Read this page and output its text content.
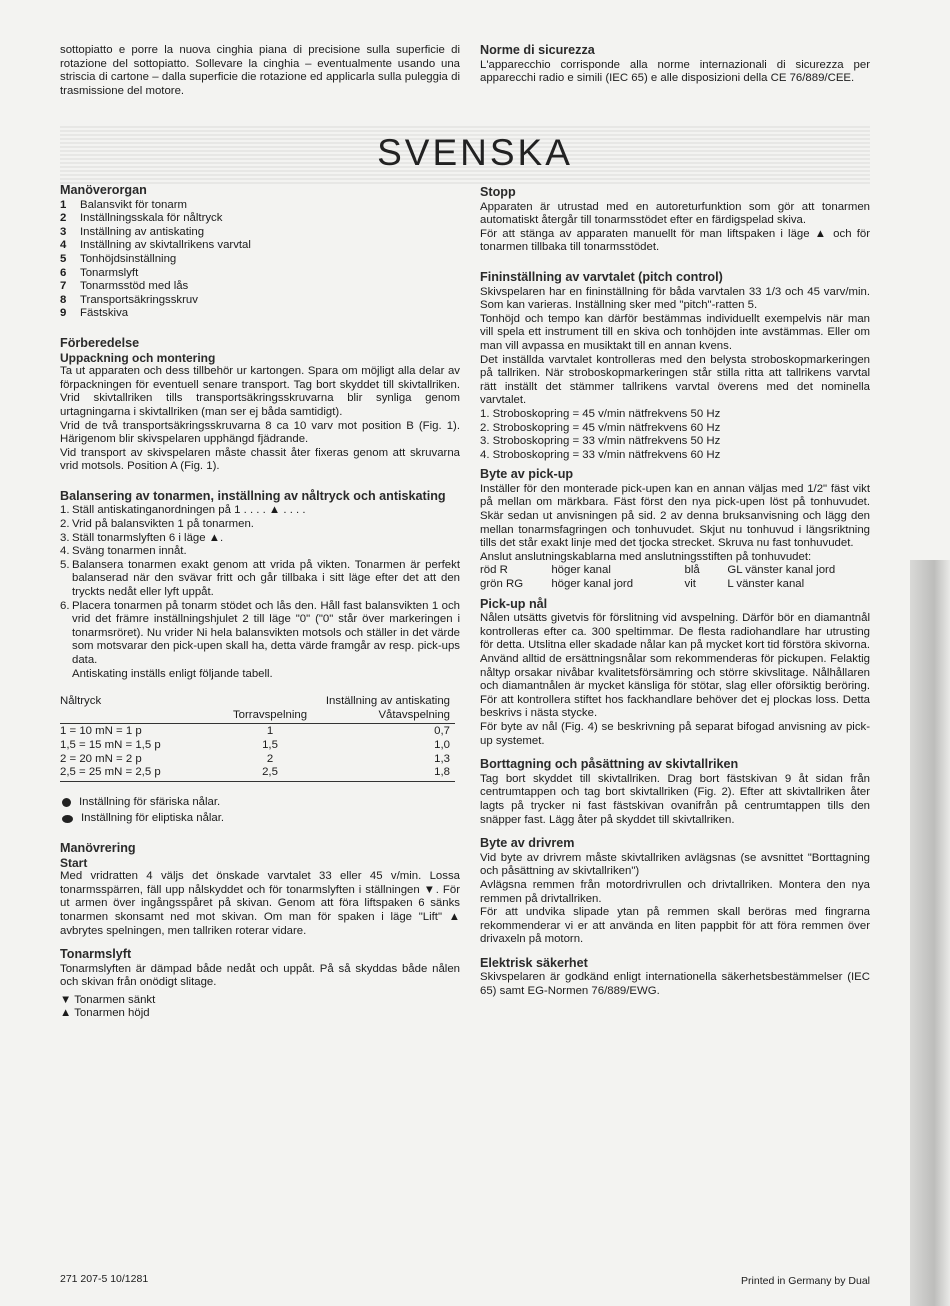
sottopiatto e porre la nuova cinghia piana di precisione sulla superficie di rotazione del sottopiatto. Sollevare la cinghia – eventualmente usando una striscia di cartone – dalla superficie die rotazione ed applicarla sulla puleggia di trasmissione del motore.

Norme di sicurezza

L'apparecchio corrisponde alla norme internazionali di sicurezza per apparecchi radio e simili (IEC 65) e alle disposizioni della CE 76/889/CEE.

SVENSKA
Manöverorgan
1	Balansvikt för tonarm
2	Inställningsskala för nåltryck
3	Inställning av antiskating
4	Inställning av skivtallrikens varvtal
5	Tonhöjdsinställning
6	Tonarmslyft
7	Tonarmsstöd med lås
8	Transportsäkringsskruv
9	Fästskiva
Förberedelse
Uppackning och montering

Ta ut apparaten och dess tillbehör ur kartongen. Spara om möjligt alla delar av förpackningen för eventuell senare transport. Tag bort skyddet till skivtallriken. Vrid skivtallriken tills transportsäkringsskruvarna blir synliga genom urtagningarna i skivtallriken (man ser ej båda samtidigt).

Vrid de två transportsäkringsskruvarna 8 ca 10 varv mot position B (Fig. 1). Härigenom blir skivspelaren upphängd fjädrande.

Vid transport av skivspelaren måste chassit åter fixeras genom att skruvarna vrid motsols. Position A (Fig. 1).

Balansering av tonarmen, inställning av nåltryck och antiskating
1. Ställ antiskatinganordningen på 1 . . . . ▲ . . . .
2. Vrid på balansvikten 1 på tonarmen.
3. Ställ tonarmslyften 6 i läge ▲.
4. Sväng tonarmen innåt.
5. Balansera tonarmen exakt genom att vrida på vikten. Tonarmen är perfekt balanserad när den svävar fritt och går tillbaka i sitt läge efter det att den tryckts nedåt eller lyft uppåt.
6. Placera tonarmen på tonarm stödet och lås den. Håll fast balansvikten 1 och vrid det främre inställningshjulet 2 till läge "0" ("0" står över markeringen i tonarmsröret). Nu vrider Ni hela balansvikten motsols och ställer in det värde som motsvarar den pick-upen skall ha, detta värde framgår av resp. pick-ups data.

Antiskating inställs enligt följande tabell.

Nåltryck	Inställning av antiskating
Torravspelning	Våtavspelning
1 = 10 mN = 1 p	1	0,7
1,5 = 15 mN = 1,5 p	1,5	1,0
2 = 20 mN = 2 p	2	1,3
2,5 = 25 mN = 2,5 p	2,5	1,8
Inställning för sfäriska nålar.
Inställning för eliptiska nålar.
Manövrering
Start

Med vridratten 4 väljs det önskade varvtalet 33 eller 45 v/min. Lossa tonarmsspärren, fäll upp nålskyddet och för tonarmslyften i ställningen ▼. För ut armen över ingångsspåret på skivan. Genom att föra liftspaken 6 sänks tonarmen skonsamt ned mot skivan. Om man för spaken i läge "Lift" ▲ avbrytes spelningen, men tallriken roterar vidare.

Tonarmslyft

Tonarmslyften är dämpad både nedåt och uppåt. På så skyddas både nålen och skivan från onödigt slitage.

▼ Tonarmen sänkt

▲ Tonarmen höjd

Stopp

Apparaten är utrustad med en autoreturfunktion som gör att tonarmen automatiskt återgår till tonarmsstödet efter en färdigspelad skiva.

För att stänga av apparaten manuellt för man liftspaken i läge ▲ och för tonarmen tillbaka till tonarmsstödet.

Fininställning av varvtalet (pitch control)

Skivspelaren har en fininställning för båda varvtalen 33 1/3 och 45 varv/min. Som kan varieras. Inställning sker med "pitch"-ratten 5.

Tonhöjd och tempo kan därför bestämmas individuellt exempelvis när man vill spela ett instrument till en skiva och tonhöjden inte avstämmas. Eller om man vill avpassa en musiktakt till en annan kvens.

Det inställda varvtalet kontrolleras med den belysta stroboskopmarkeringen på tallriken. När stroboskopmarkeringen står stilla ritta att tallrikens varvtal rätt inställt det stämmer tallrikens varvtal överens med det nominella varvtalet.

1. Stroboskopring = 45 v/min nätfrekvens 50 Hz

2. Stroboskopring = 45 v/min nätfrekvens 60 Hz

3. Stroboskopring = 33 v/min nätfrekvens 50 Hz

4. Stroboskopring = 33 v/min nätfrekvens 60 Hz

Byte av pick-up

Inställer för den monterade pick-upen kan en annan väljas med 1/2" fäst vikt på mellan om märkbara. Fäst först den nya pick-upen löst på tonhuvudet. Skär sedan ut anvisningen på sid. 2 av denna bruksanvisning och lägg den mellan tonarmsfagringen och tonhuvudet. Skjut nu tonhuvud i längsriktning tills det står exakt linje med det tjocka strecket. Skruva nu fast tonhuvudet.

Anslut anslutningskablarna med anslutningsstiften på tonhuvudet:

röd R	höger kanal	blå	GL vänster kanal jord
grön RG	höger kanal jord	vit	L vänster kanal
Pick-up nål

Nålen utsätts givetvis för förslitning vid avspelning. Därför bör en diamantnål kontrolleras efter ca. 300 speltimmar. De flesta radiohandlare har utrusting för detta. Utslitna eller skadade nålar kan på mycket kort tid förstöra skivorna. Använd alltid de ersättningsnålar som rekommenderas för pickupen. Felaktig nåltyp orsakar nivåbar kvalitetsförsämring och större skivslitage. Nålhållaren och diamantnålen är mycket känsliga för stötar, slag eller oförsiktig beröring. För att kontrollera stiftet hos fackhandlare behöver det ej plockas loss. Detta beskrivs i nästa stycke.

För byte av nål (Fig. 4) se beskrivning på separat bifogad anvisning av pick-up systemet.

Borttagning och påsättning av skivtallriken

Tag bort skyddet till skivtallriken. Drag bort fästskivan 9 åt sidan från centrumtappen och tag bort skivtallriken (Fig. 2). Efter att skivtallriken åter lagts på trycker ni fast fästskivan ovanifrån på centrumtappen tills den snäpper fast. Lägg åter på skyddet till skivtallriken.

Byte av drivrem

Vid byte av drivrem måste skivtallriken avlägsnas (se avsnittet "Borttagning och påsättning av skivtallriken")

Avlägsna remmen från motordrivrullen och drivtallriken. Montera den nya remmen på drivtallriken.

För att undvika slipade ytan på remmen skall beröras med fingrarna rekommenderar vi er att använda en liten pappbit för att föra remmen över drivaxeln på motorn.

Elektrisk säkerhet

Skivspelaren är godkänd enligt internationella säkerhetsbestämmelser (IEC 65) samt EG-Normen 76/889/EWG.

271 207-5 10/1281	Printed in Germany by Dual
